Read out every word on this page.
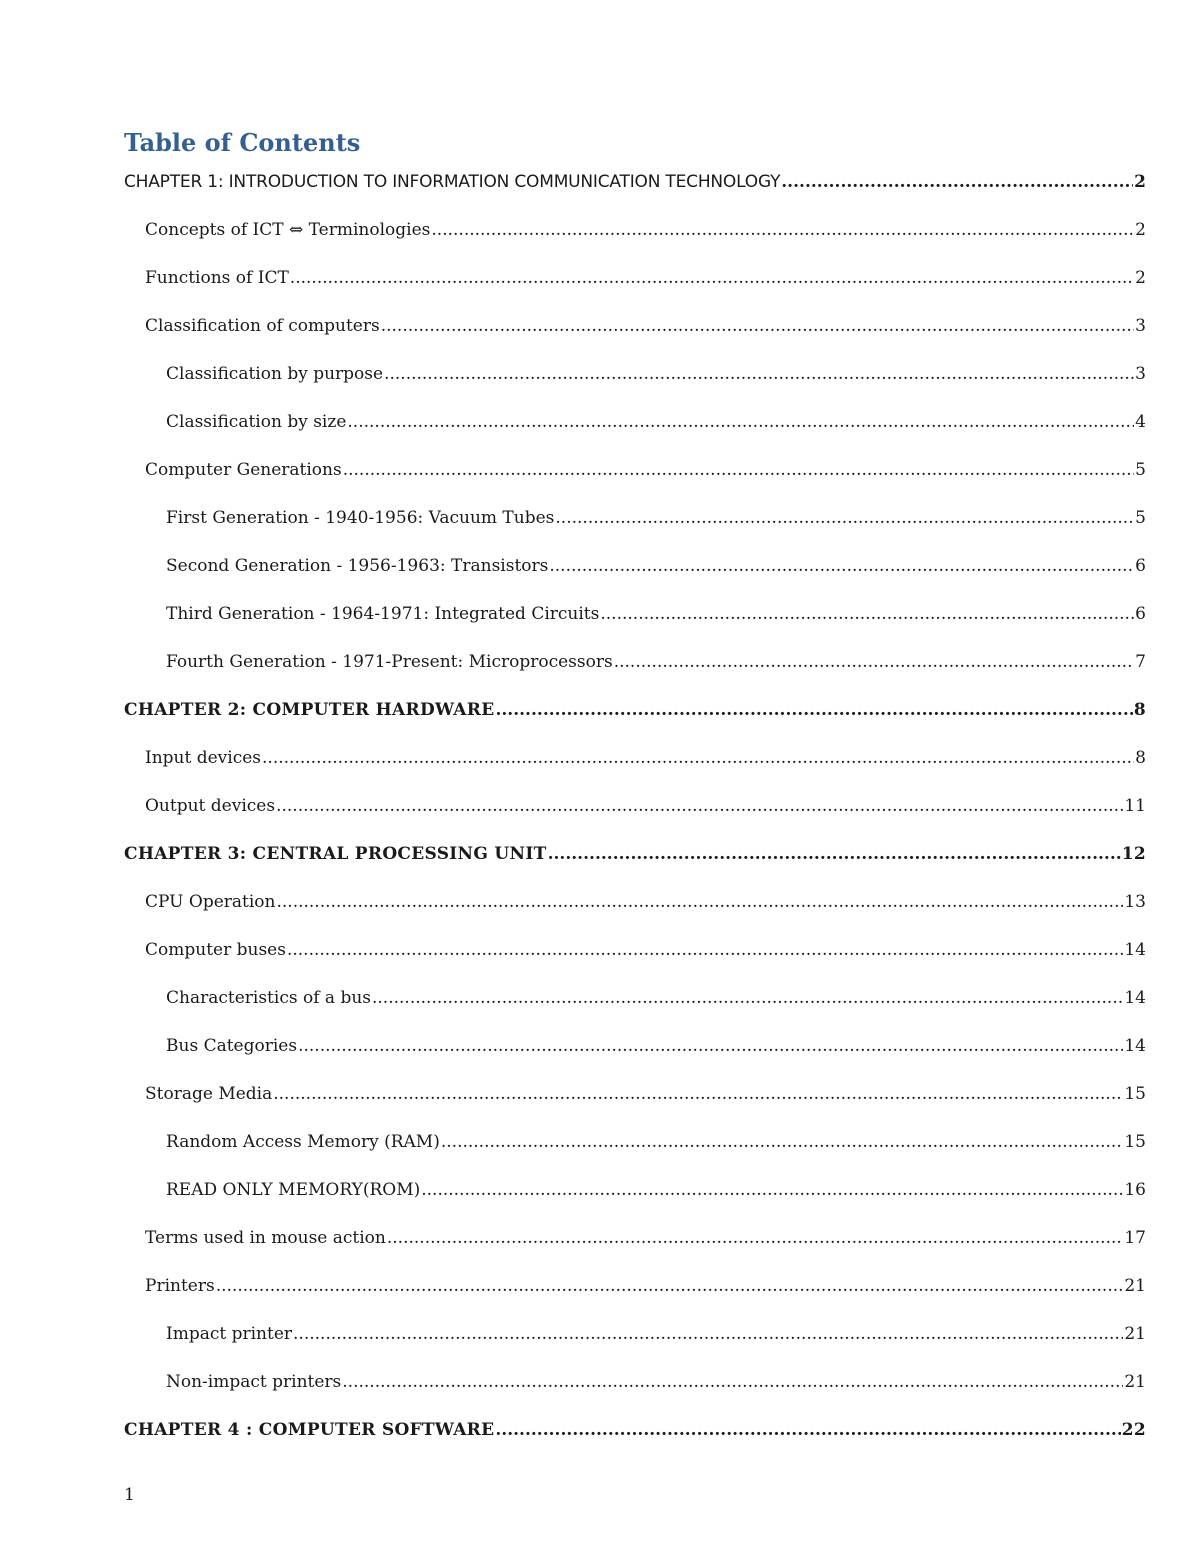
Table of Contents
CHAPTER 1: INTRODUCTION TO INFORMATION COMMUNICATION TECHNOLOGY .....	2
Concepts of ICT ⇔ Terminologies .....	2
Functions of ICT .....	2
Classification of computers .....	3
Classification by purpose .....	3
Classification by size .....	4
Computer Generations .....	5
First Generation - 1940-1956: Vacuum Tubes .....	5
Second Generation - 1956-1963: Transistors .....	6
Third Generation - 1964-1971: Integrated Circuits .....	6
Fourth Generation - 1971-Present: Microprocessors .....	7
CHAPTER 2: COMPUTER HARDWARE .....	8
Input devices .....	8
Output devices .....	11
CHAPTER 3: CENTRAL PROCESSING UNIT .....	12
CPU Operation .....	13
Computer buses .....	14
Characteristics of a bus .....	14
Bus Categories .....	14
Storage Media .....	15
Random Access Memory (RAM) .....	15
READ ONLY MEMORY(ROM) .....	16
Terms used in mouse action .....	17
Printers .....	21
Impact printer .....	21
Non-impact printers .....	21
CHAPTER 4 : COMPUTER SOFTWARE .....	22
1
